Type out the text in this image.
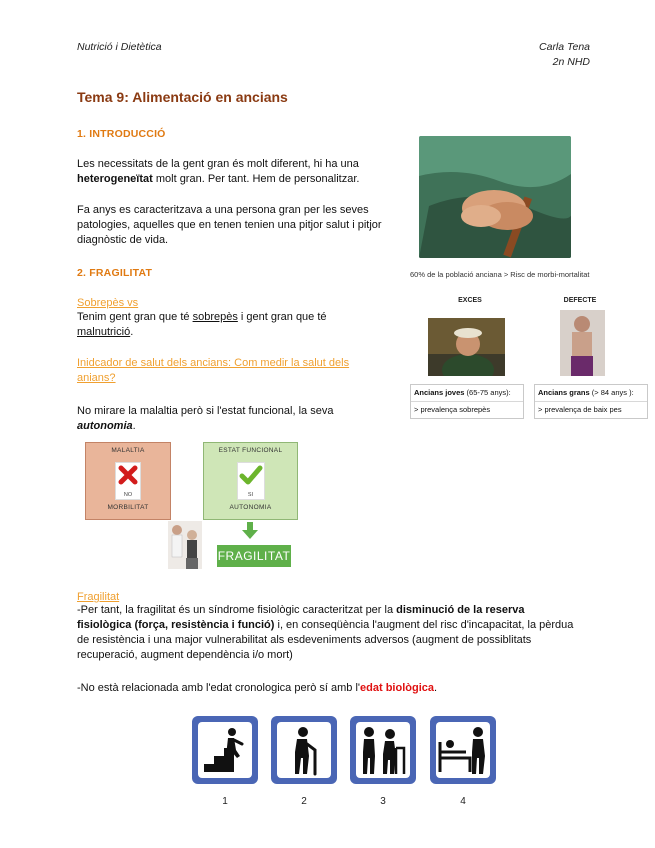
Nutrició i Dietètica	Carla Tena
2n NHD
Tema 9: Alimentació en ancians
1. INTRODUCCIÓ

Les necessitats de la gent gran és molt diferent, hi ha una heterogeneïtat molt gran. Per tant. Hem de personalitzar.

Fa anys es caracteritzava a una persona gran per les seves patologies, aquelles que en tenen tenien una pitjor salut i pitjor diagnòstic de vida.

2. FRAGILITAT
Sobrepès vs

Tenim gent gran que té sobrepès i gent gran que té malnutrició.

Inidcador de salut dels ancians: Com medir la salut dels anians?

No mirare la malaltia però si l'estat funcional, la seva autonomia.

60% de la població anciana > Risc de morbi-mortalitat
EXCES	DEFECTE
Ancians joves (65-75 anys):
> prevalença sobrepès
Ancians grans (> 84 anys ):
> prevalença de baix pes
MALALTIA
NO
MORBILITAT
ESTAT FUNCIONAL
SI
AUTONOMIA
FRAGILITAT
Fragilitat

-Per tant, la fragilitat és un síndrome fisiològic caracteritzat per la disminució de la reserva fisiològica (força, resistència i funció) i, en conseqüència l'augment del risc d'incapacitat, la pèrdua de resistència i una major vulnerabilitat als esdeveniments adversos (augment de possiblitats recuperació, augment dependència i/o mort)

-No està relacionada amb l'edat cronologica però sí amb l'edat biològica.

1	2	3	4
